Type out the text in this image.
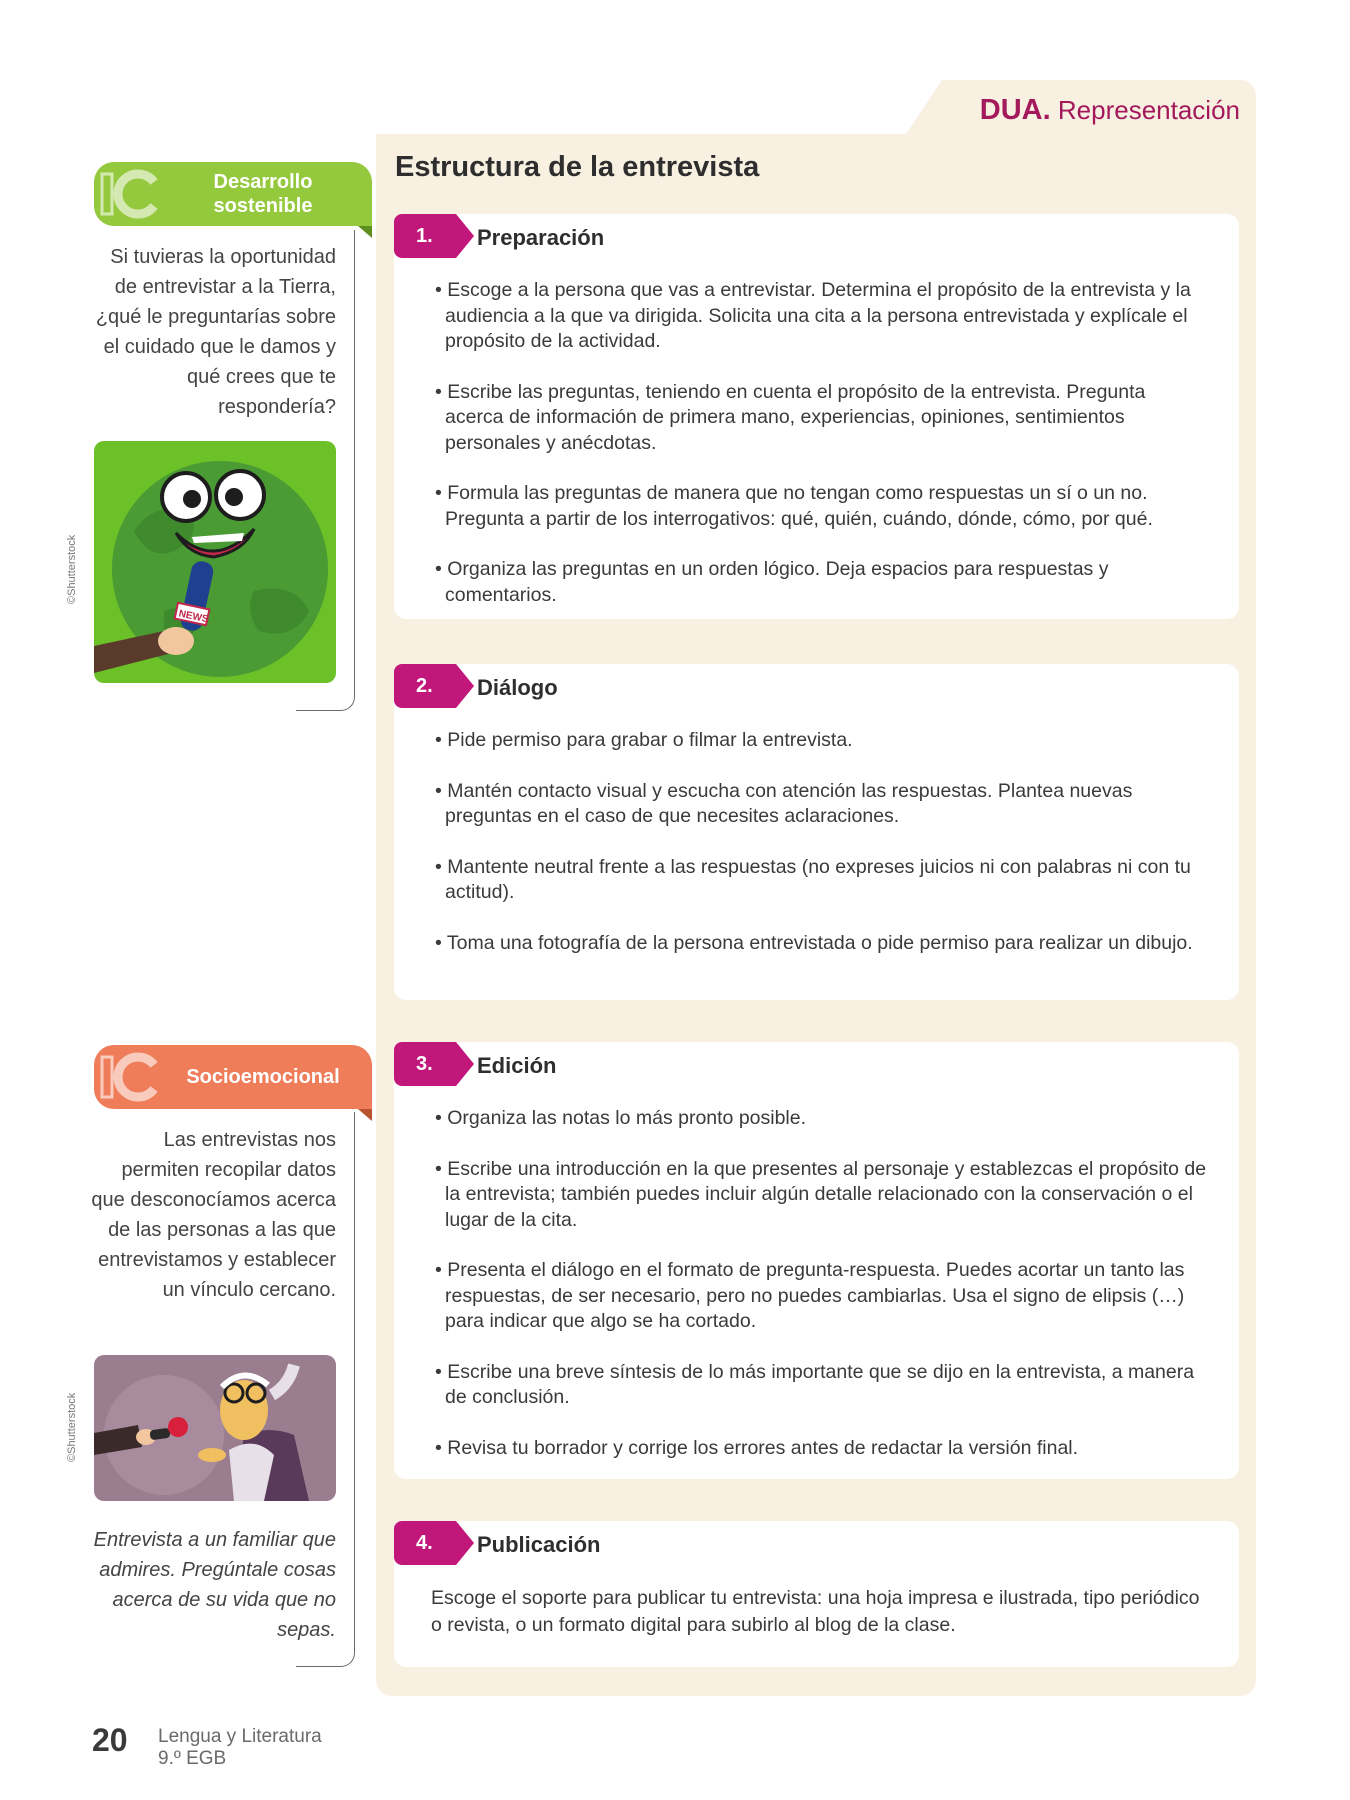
DUA. Representación
Estructura de la entrevista
1.	Preparación
• Escoge a la persona que vas a entrevistar. Determina el propósito de la entrevista y la audiencia a la que va dirigida. Solicita una cita a la persona entrevistada y explícale el propósito de la actividad.
• Escribe las preguntas, teniendo en cuenta el propósito de la entrevista. Pregunta acerca de información de primera mano, experiencias, opiniones, sentimientos personales y anécdotas.
• Formula las preguntas de manera que no tengan como respuestas un sí o un no. Pregunta a partir de los interrogativos: qué, quién, cuándo, dónde, cómo, por qué.
• Organiza las preguntas en un orden lógico. Deja espacios para respuestas y comentarios.
2.	Diálogo
• Pide permiso para grabar o filmar la entrevista.
• Mantén contacto visual y escucha con atención las respuestas. Plantea nuevas preguntas en el caso de que necesites aclaraciones.
• Mantente neutral frente a las respuestas (no expreses juicios ni con palabras ni con tu actitud).
• Toma una fotografía de la persona entrevistada o pide permiso para realizar un dibujo.
3.	Edición
• Organiza las notas lo más pronto posible.
• Escribe una introducción en la que presentes al personaje y establezcas el propósito de la entrevista; también puedes incluir algún detalle relacionado con la conservación o el lugar de la cita.
• Presenta el diálogo en el formato de pregunta-respuesta. Puedes acortar un tanto las respuestas, de ser necesario, pero no puedes cambiarlas. Usa el signo de elipsis (…) para indicar que algo se ha cortado.
• Escribe una breve síntesis de lo más importante que se dijo en la entrevista, a manera de conclusión.
• Revisa tu borrador y corrige los errores antes de redactar la versión final.
4.	Publicación

Escoge el soporte para publicar tu entrevista: una hoja impresa e ilustrada, tipo periódico o revista, o un formato digital para subirlo al blog de la clase.

Desarrollo sostenible

Si tuvieras la oportunidad de entrevistar a la Tierra, ¿qué le preguntarías sobre el cuidado que le damos y qué crees que te respondería?

©Shutterstock
NEWS
Socioemocional

Las entrevistas nos permiten recopilar datos que desconocíamos acerca de las personas a las que entrevistamos y establecer un vínculo cercano.

©Shutterstock

Entrevista a un familiar que admires. Pregúntale cosas acerca de su vida que no sepas.

20 Lengua y Literatura
9.º EGB
